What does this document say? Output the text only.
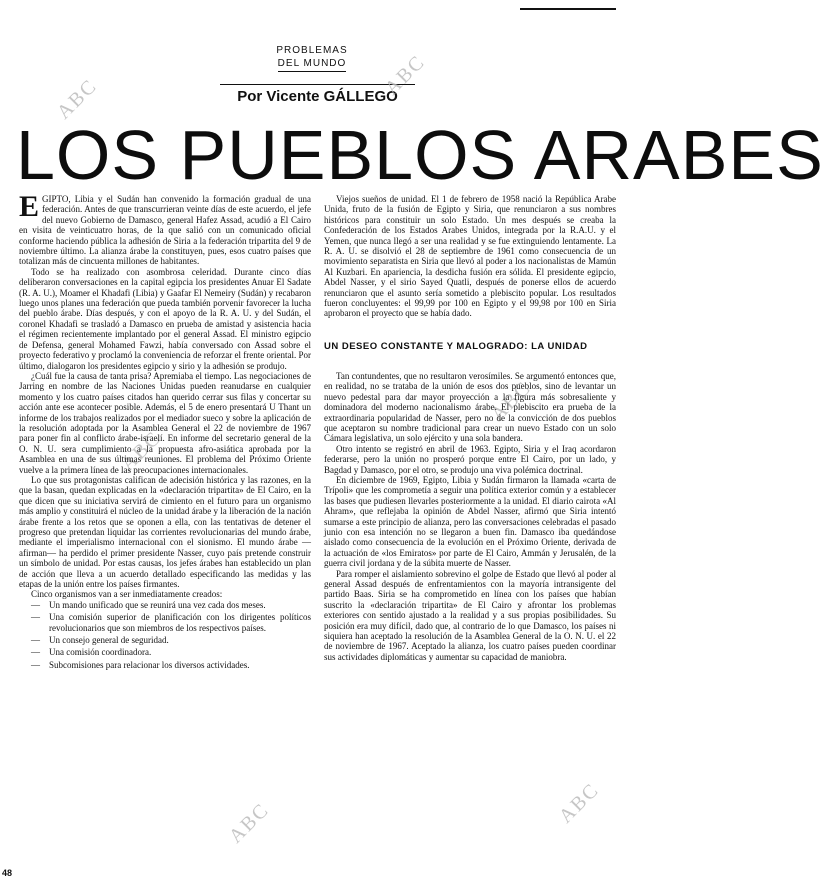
PROBLEMAS
DEL MUNDO
Por Vicente GÁLLEGO
LOS PUEBLOS ARABES
ABC	ABC
ABC
ABC
ABC	ABC

EGIPTO, Libia y el Sudán han convenido la formación gradual de una federación. Antes de que transcurrieran veinte días de este acuerdo, el jefe del nuevo Gobierno de Damasco, general Hafez Assad, acudió a El Cairo en visita de veinticuatro horas, de la que salió con un comunicado oficial conforme haciendo pública la adhesión de Siria a la federación tripartita del 9 de noviembre último. La alianza árabe la constituyen, pues, esos cuatro países que totalizan más de cincuenta millones de habitantes.

Todo se ha realizado con asombrosa celeridad. Durante cinco días deliberaron conversaciones en la capital egipcia los presidentes Anuar El Sadate (R. A. U.), Moamer el Khadafi (Libia) y Gaafar El Nemeiry (Sudán) y recabaron luego unos planes una federación que pueda también porvenir favorecer la lucha del pueblo árabe. Días después, y con el apoyo de la R. A. U. y del Sudán, el coronel Khadafi se trasladó a Damasco en prueba de amistad y asistencia hacia el régimen recientemente implantado por el general Assad. El ministro egipcio de Defensa, general Mohamed Fawzi, había conversado con Assad sobre el proyecto federativo y proclamó la conveniencia de reforzar el frente oriental. Por último, dialogaron los presidentes egipcio y sirio y la adhesión se produjo.

¿Cuál fue la causa de tanta prisa? Apremiaba el tiempo. Las negociaciones de Jarring en nombre de las Naciones Unidas pueden reanudarse en cualquier momento y los cuatro países citados han querido cerrar sus filas y concertar su acción ante ese acontecer posible. Además, el 5 de enero presentará U Thant un informe de los trabajos realizados por el mediador sueco y sobre la aplicación de la resolución adoptada por la Asamblea General el 22 de noviembre de 1967 para poner fin al conflicto árabe-israelí. En informe del secretario general de la O. N. U. sera cumplimiento a la propuesta afro-asiática aprobada por la Asamblea en una de sus últimas reuniones. El problema del Próximo Oriente vuelve a la primera línea de las preocupaciones internacionales.

Lo que sus protagonistas califican de adecisión histórica y las razones, en la que la basan, quedan explicadas en la «declaración tripartita» de El Cairo, en la que dicen que su iniciativa servirá de cimiento en el futuro para un organismo más amplio y constituirá el núcleo de la unidad árabe y la liberación de la nación árabe frente a los retos que se oponen a ella, con las tentativas de detener el progreso que pretendan liquidar las corrientes revolucionarias del mundo árabe, mediante el imperialismo internacional con el sionismo. El mundo árabe —afirman— ha perdido el primer presidente Nasser, cuyo país pretende construir un símbolo de unidad. Por estas causas, los jefes árabes han establecido un plan de acción que lleva a un acuerdo detallado especificando las medidas y las etapas de la unión entre los países firmantes.

Cinco organismos van a ser inmediatamente creados:

— Un mando unificado que se reunirá una vez cada dos meses.
— Una comisión superior de planificación con los dirigentes políticos revolucionarios que son miembros de los respectivos países.
— Un consejo general de seguridad.
— Una comisión coordinadora.
— Subcomisiones para relacionar los diversos actividades.

Viejos sueños de unidad. El 1 de febrero de 1958 nació la República Arabe Unida, fruto de la fusión de Egipto y Siria, que renunciaron a sus nombres históricos para constituir un solo Estado. Un mes después se creaba la Confederación de los Estados Arabes Unidos, integrada por la R.A.U. y el Yemen, que nunca llegó a ser una realidad y se fue extinguiendo lentamente. La R. A. U. se disolvió el 28 de septiembre de 1961 como consecuencia de un movimiento separatista en Siria que llevó al poder a los nacionalistas de Mamún Al Kuzbari. En apariencia, la desdicha fusión era sólida. El presidente egipcio, Abdel Nasser, y el sirio Sayed Quatli, después de ponerse ellos de acuerdo renunciaron que el asunto sería sometido a plebiscito popular. Los resultados fueron concluyentes: el 99,99 por 100 en Egipto y el 99,98 por 100 en Siria aprobaron el proyecto que se había dado.

UN DESEO CONSTANTE Y MALOGRADO: LA UNIDAD

Tan contundentes, que no resultaron verosímiles. Se argumentó entonces que, en realidad, no se trataba de la unión de esos dos pueblos, sino de levantar un nuevo pedestal para dar mayor proyección a la figura más sobresaliente y dominadora del moderno nacionalismo árabe. El plebiscito era prueba de la extraordinaria popularidad de Nasser, pero no de la convicción de dos pueblos que aceptaron su nombre tradicional para crear un nuevo Estado con un solo Cámara legislativa, un solo ejército y una sola bandera.

Otro intento se registró en abril de 1963. Egipto, Siria y el Iraq acordaron federarse, pero la unión no prosperó porque entre El Cairo, por un lado, y Bagdad y Damasco, por el otro, se produjo una viva polémica doctrinal.

En diciembre de 1969, Egipto, Libia y Sudán firmaron la llamada «carta de Trípoli» que les comprometía a seguir una política exterior común y a establecer las bases que pudiesen llevarles posteriormente a la unidad. El diario cairota «Al Ahram», que reflejaba la opinión de Abdel Nasser, afirmó que Siria intentó sumarse a este principio de alianza, pero las conversaciones celebradas el pasado junio con esa intención no se llegaron a buen fin. Damasco iba quedándose aislado como consecuencia de la evolución en el Próximo Oriente, derivada de la actuación de «los Emiratos» por parte de El Cairo, Ammán y Jerusalén, de la guerra civil jordana y de la súbita muerte de Nasser.

Para romper el aislamiento sobrevino el golpe de Estado que llevó al poder al general Assad después de enfrentamientos con la mayoría intransigente del partido Baas. Siria se ha comprometido en línea con los países que habían suscrito la «declaración tripartita» de El Cairo y afrontar los problemas exteriores con sentido ajustado a la realidad y a sus propias posibilidades. Su posición era muy difícil, dado que, al contrario de lo que Damasco, los países ni siquiera han aceptado la resolución de la Asamblea General de la O. N. U. el 22 de noviembre de 1967. Aceptado la alianza, los cuatro países pueden coordinar sus actividades diplomáticas y aumentar su capacidad de maniobra.

48
